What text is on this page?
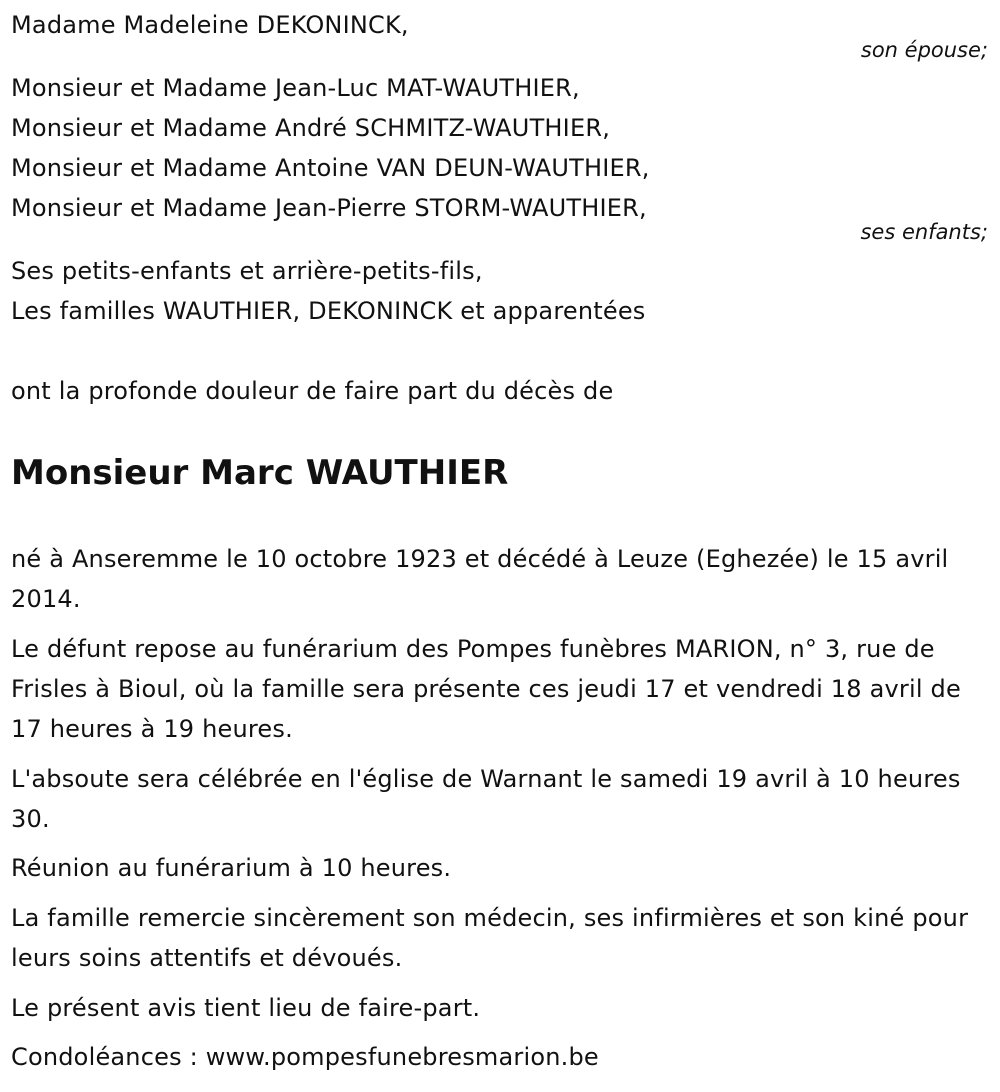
Madame Madeleine DEKONINCK,
son épouse;
Monsieur et Madame Jean-Luc MAT-WAUTHIER,
Monsieur et Madame André SCHMITZ-WAUTHIER,
Monsieur et Madame Antoine VAN DEUN-WAUTHIER,
Monsieur et Madame Jean-Pierre STORM-WAUTHIER,
ses enfants;
Ses petits-enfants et arrière-petits-fils,
Les familles WAUTHIER, DEKONINCK et apparentées
ont la profonde douleur de faire part du décès de
Monsieur Marc WAUTHIER
né à Anseremme le 10 octobre 1923 et décédé à Leuze (Eghezée) le 15 avril 2014.
Le défunt repose au funérarium des Pompes funèbres MARION, n° 3, rue de Frisles à Bioul, où la famille sera présente ces jeudi 17 et vendredi 18 avril de 17 heures à 19 heures.
L'absoute sera célébrée en l'église de Warnant le samedi 19 avril à 10 heures 30.
Réunion au funérarium à 10 heures.
La famille remercie sincèrement son médecin, ses infirmières et son kiné pour leurs soins attentifs et dévoués.
Le présent avis tient lieu de faire-part.
Condoléances : www.pompesfunebresmarion.be
